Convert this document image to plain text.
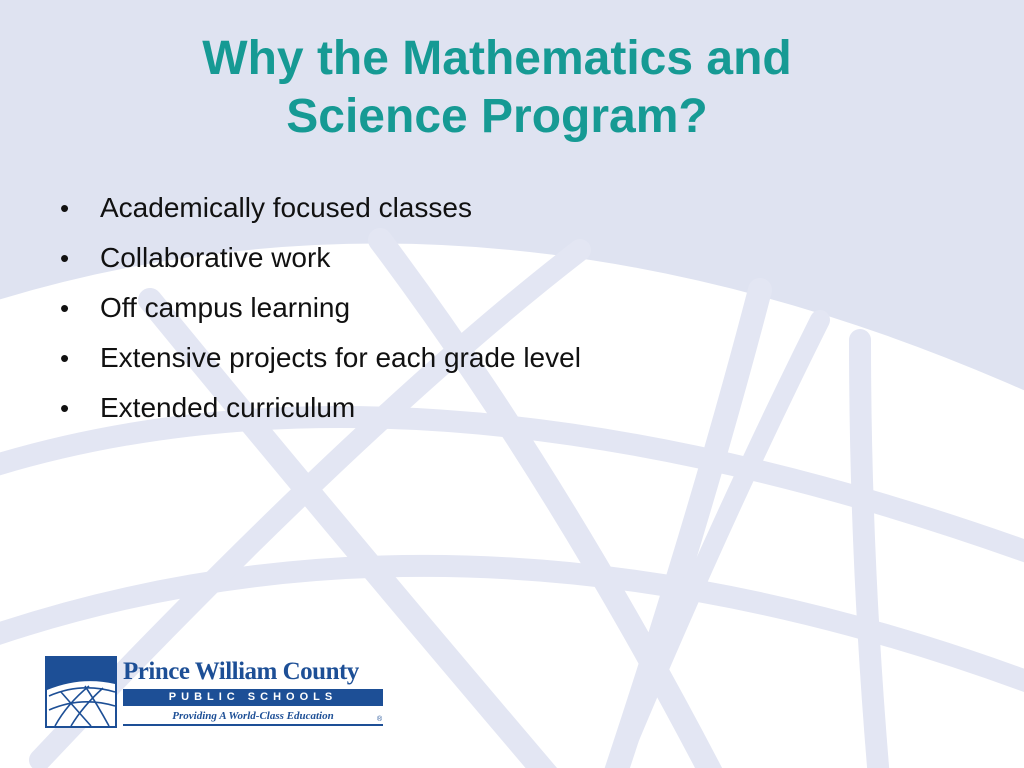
Why the Mathematics and
Science Program?
•	Academically focused classes
•	Collaborative work
•	Off campus learning
•	Extensive projects for each grade level
•	Extended curriculum
Prince William County
PUBLIC SCHOOLS
Providing A World-Class Education	®
